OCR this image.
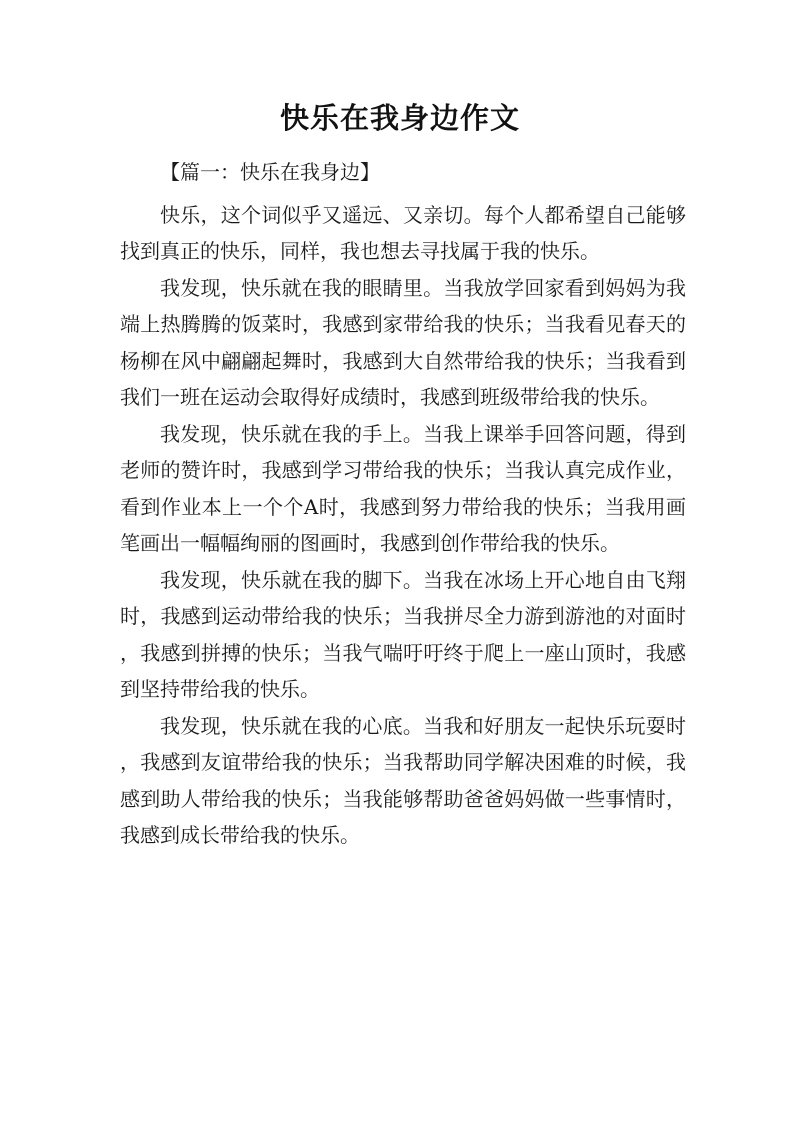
快乐在我身边作文
【篇一：快乐在我身边】

快乐，这个词似乎又遥远、又亲切。每个人都希望自己能够找到真正的快乐，同样，我也想去寻找属于我的快乐。

我发现，快乐就在我的眼睛里。当我放学回家看到妈妈为我端上热腾腾的饭菜时，我感到家带给我的快乐；当我看见春天的杨柳在风中翩翩起舞时，我感到大自然带给我的快乐；当我看到我们一班在运动会取得好成绩时，我感到班级带给我的快乐。

我发现，快乐就在我的手上。当我上课举手回答问题，得到老师的赞许时，我感到学习带给我的快乐；当我认真完成作业，看到作业本上一个个A时，我感到努力带给我的快乐；当我用画笔画出一幅幅绚丽的图画时，我感到创作带给我的快乐。

我发现，快乐就在我的脚下。当我在冰场上开心地自由飞翔时，我感到运动带给我的快乐；当我拼尽全力游到游池的对面时，我感到拼搏的快乐；当我气喘吁吁终于爬上一座山顶时，我感到坚持带给我的快乐。

我发现，快乐就在我的心底。当我和好朋友一起快乐玩耍时，我感到友谊带给我的快乐；当我帮助同学解决困难的时候，我感到助人带给我的快乐；当我能够帮助爸爸妈妈做一些事情时，我感到成长带给我的快乐。
